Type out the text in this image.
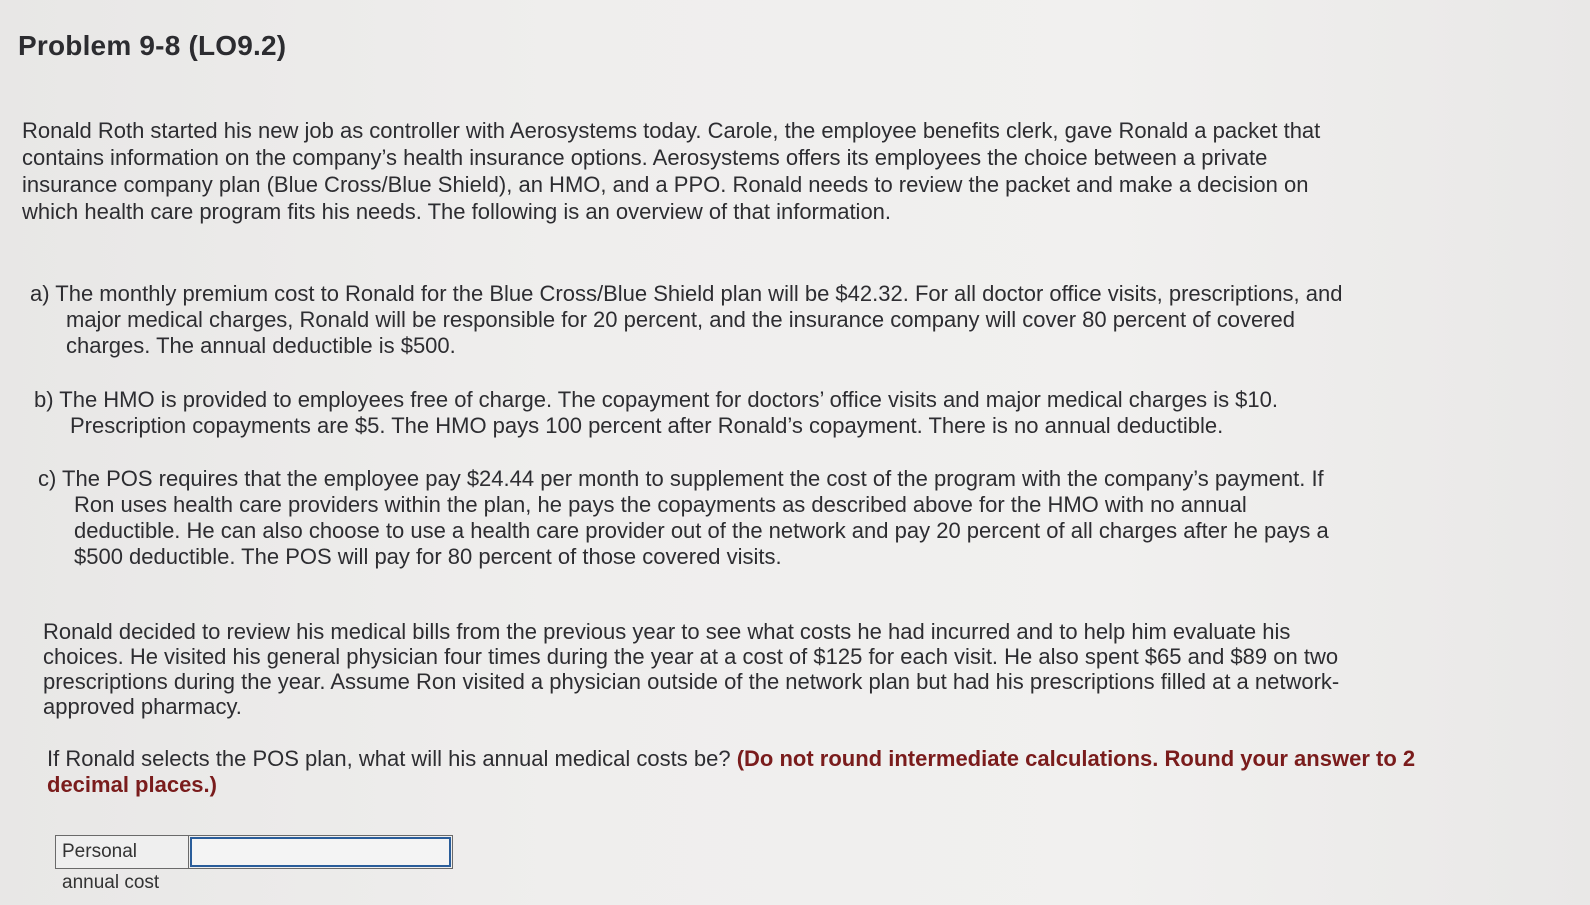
Problem 9-8 (LO9.2)
Ronald Roth started his new job as controller with Aerosystems today. Carole, the employee benefits clerk, gave Ronald a packet that
contains information on the company’s health insurance options. Aerosystems offers its employees the choice between a private
insurance company plan (Blue Cross/Blue Shield), an HMO, and a PPO. Ronald needs to review the packet and make a decision on
which health care program fits his needs. The following is an overview of that information.
a) The monthly premium cost to Ronald for the Blue Cross/Blue Shield plan will be $42.32. For all doctor office visits, prescriptions, and
major medical charges, Ronald will be responsible for 20 percent, and the insurance company will cover 80 percent of covered
charges. The annual deductible is $500.
b) The HMO is provided to employees free of charge. The copayment for doctors’ office visits and major medical charges is $10.
Prescription copayments are $5. The HMO pays 100 percent after Ronald’s copayment. There is no annual deductible.
c) The POS requires that the employee pay $24.44 per month to supplement the cost of the program with the company’s payment. If
Ron uses health care providers within the plan, he pays the copayments as described above for the HMO with no annual
deductible. He can also choose to use a health care provider out of the network and pay 20 percent of all charges after he pays a
$500 deductible. The POS will pay for 80 percent of those covered visits.
Ronald decided to review his medical bills from the previous year to see what costs he had incurred and to help him evaluate his
choices. He visited his general physician four times during the year at a cost of $125 for each visit. He also spent $65 and $89 on two
prescriptions during the year. Assume Ron visited a physician outside of the network plan but had his prescriptions filled at a network-
approved pharmacy.
If Ronald selects the POS plan, what will his annual medical costs be? (Do not round intermediate calculations. Round your answer to 2 decimal places.)
Personal annual cost
